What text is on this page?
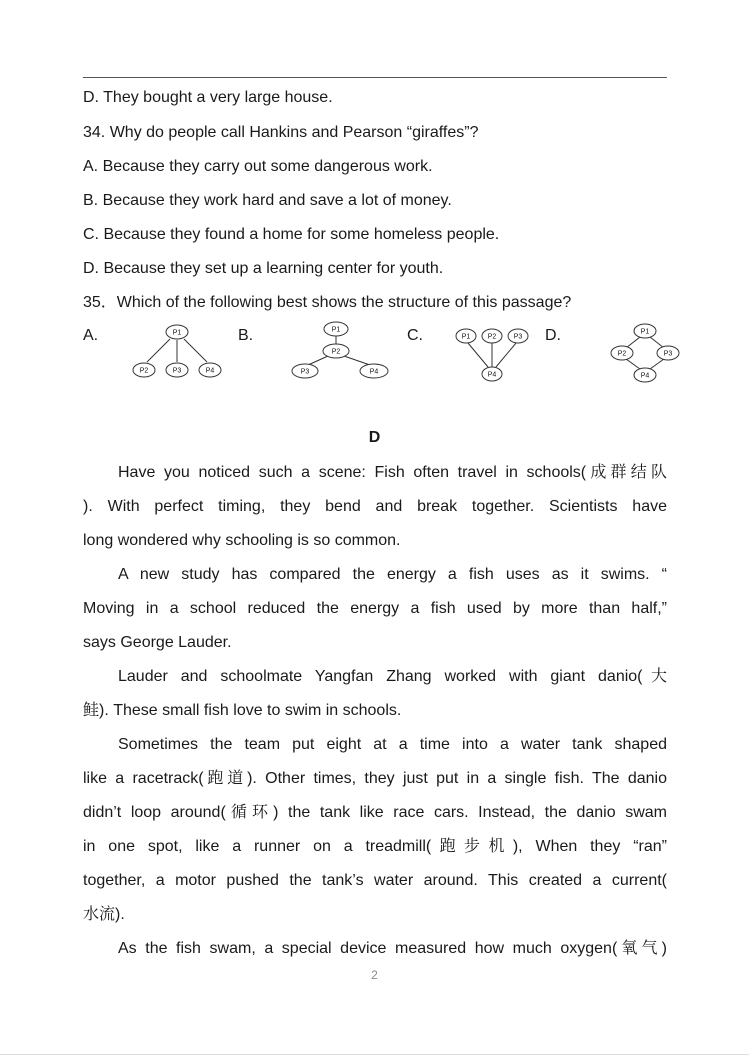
D. They bought a very large house.
34. Why do people call Hankins and Pearson “giraffes”?
A. Because they carry out some dangerous work.
B. Because they work hard and save a lot of money.
C. Because they found a home for some homeless people.
D. Because they set up a learning center for youth.
35．Which of the following best shows the structure of this passage?
A.	B.	C.	D.
P1
P2	P3	P4
P1
P2
P3	P4
P1 P2 P3
P4
P1
P2	P3
P4
D
Have you noticed such a scene: Fish often travel in schools(成群结队
). With perfect timing, they bend and break together. Scientists have
long wondered why schooling is so common.
A new study has compared the energy a fish uses as it swims. “
Moving in a school reduced the energy a fish used by more than half,”
says George Lauder.
Lauder and schoolmate Yangfan Zhang worked with giant danio(大
鲑). These small fish love to swim in schools.
Sometimes the team put eight at a time into a water tank shaped
like a racetrack(跑道). Other times, they just put in a single fish. The danio
didn’t loop around(循环) the tank like race cars. Instead, the danio swam
in one spot, like a runner on a treadmill(跑步机), When they “ran”
together, a motor pushed the tank’s water around. This created a current(
水流).
As the fish swam, a special device measured how much oxygen(氧气)
2
